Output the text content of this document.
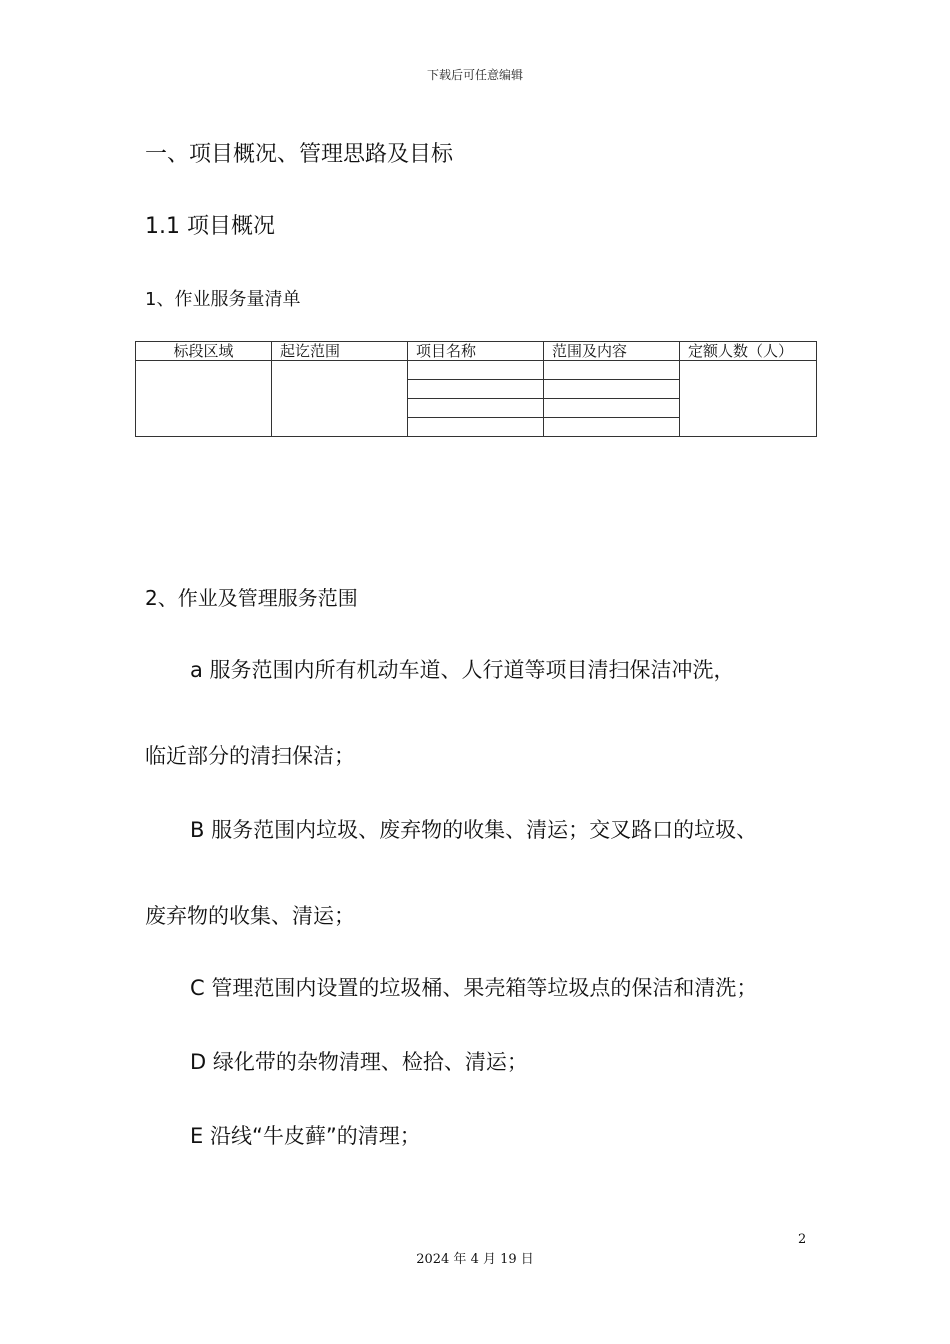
下载后可任意编辑
一、项目概况、管理思路及目标
1.1 项目概况
1、作业服务量清单
标段区域	起讫范围	项目名称	范围及内容	定额人数（人）

2、作业及管理服务范围
a 服务范围内所有机动车道、人行道等项目清扫保洁冲洗，
临近部分的清扫保洁；
B 服务范围内垃圾、废弃物的收集、清运；交叉路口的垃圾、
废弃物的收集、清运；
C 管理范围内设置的垃圾桶、果壳箱等垃圾点的保洁和清洗；
D 绿化带的杂物清理、检拾、清运；
E 沿线“牛皮藓”的清理；
2
2024 年 4 月 19 日
